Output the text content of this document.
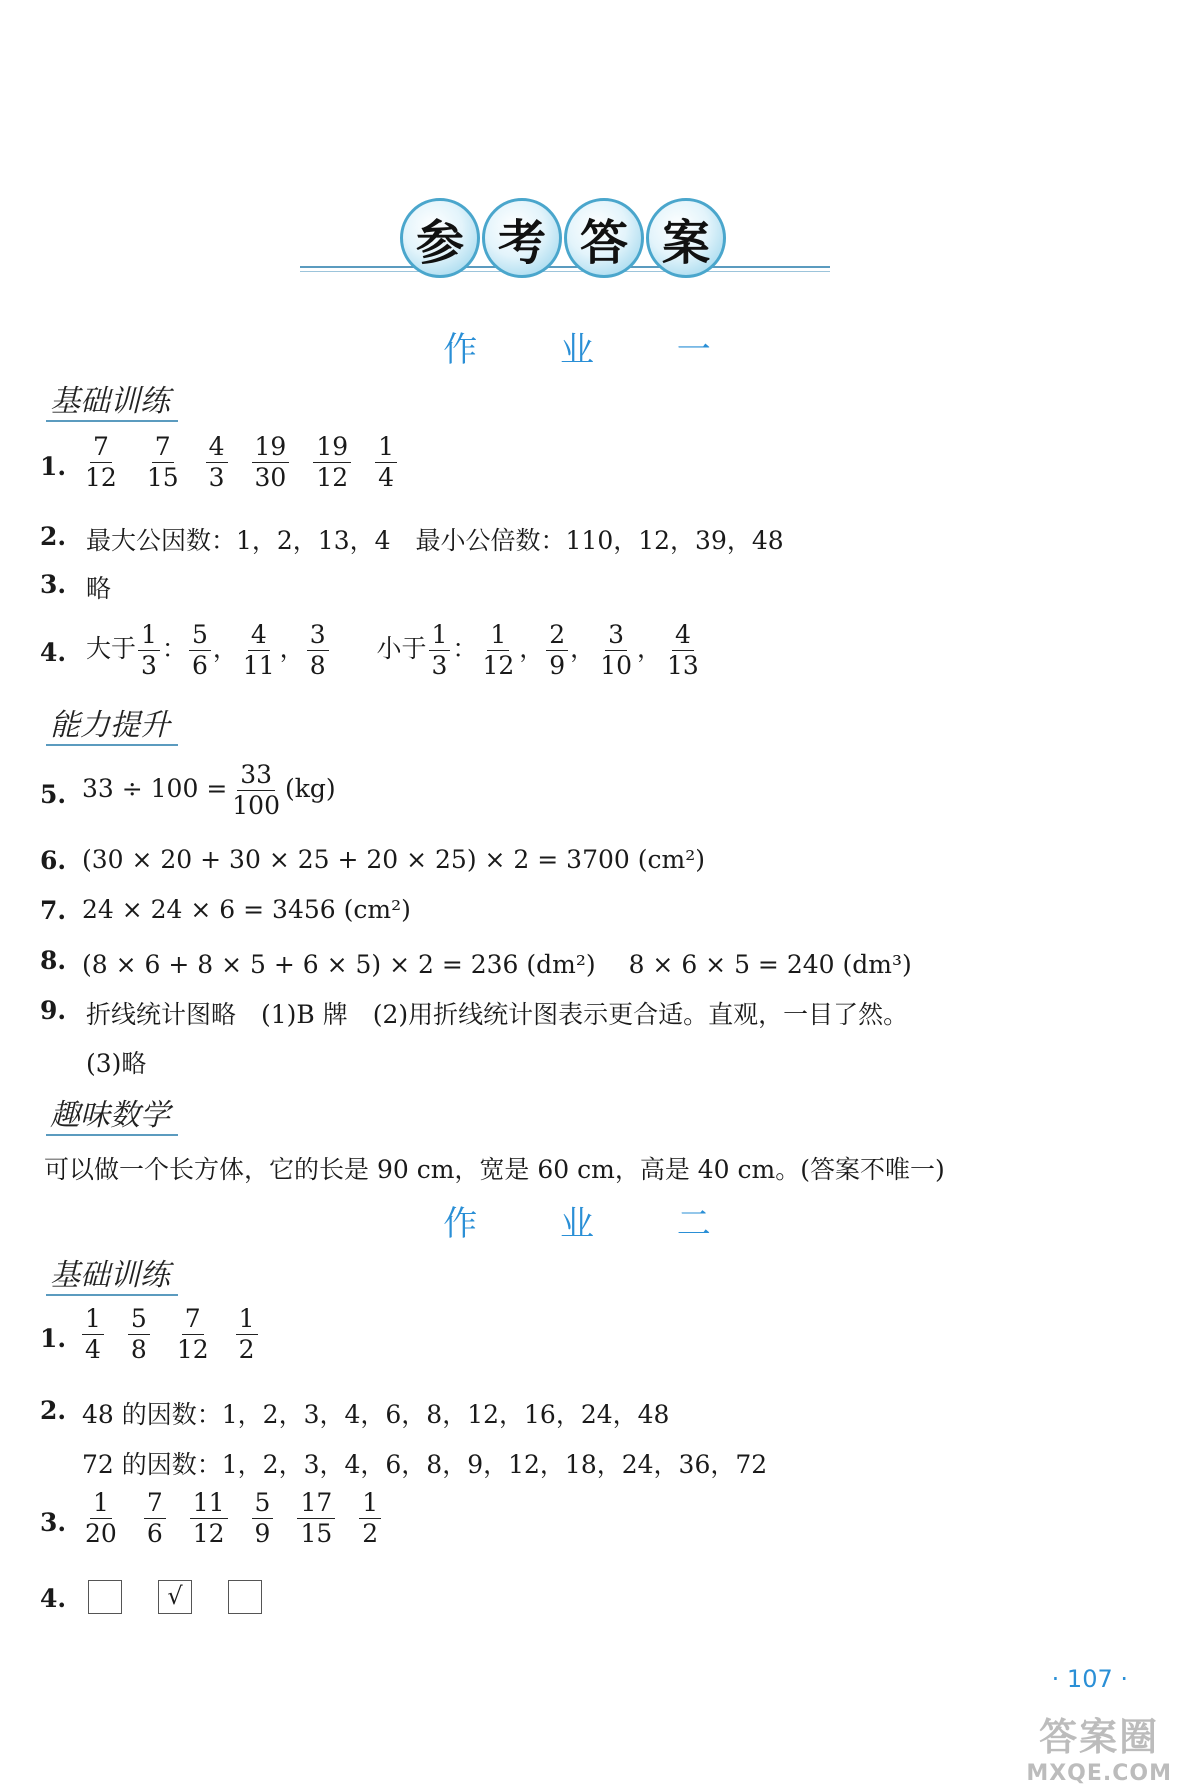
参 考 答 案
作 业 一
基础训练
1. $\frac{7}{12} \frac{7}{15} \frac{4}{3} \frac{19}{30} \frac{19}{12} \frac{1}{4}$
2. 最大公因数：1，2，13，4　最小公倍数：110，12，39，48
3. 略
4. 大于 $\frac{1}{3}$ ： $\frac{5}{6}$ ， $\frac{4}{11}$ ， $\frac{3}{8}$ 小于 $\frac{1}{3}$ ： $\frac{1}{12}$ ， $\frac{2}{9}$ ， $\frac{3}{10}$ ， $\frac{4}{13}$
能力提升
5. $33 \div 100 = \frac{33}{100} (kg)$
6. (30 × 20 + 30 × 25 + 20 × 25) × 2 = 3700 (cm²)
7. 24 × 24 × 6 = 3456 (cm²)
8. (8 × 6 + 8 × 5 + 6 × 5) × 2 = 236 (dm²)　 8 × 6 × 5 = 240 (dm³)
9. 折线统计图略　(1)B 牌　(2)用折线统计图表示更合适。直观，一目了然。
(3)略
趣味数学
可以做一个长方体，它的长是 90 cm，宽是 60 cm，高是 40 cm。(答案不唯一)
作 业 二
基础训练
1. $\frac{1}{4} \frac{5}{8} \frac{7}{12} \frac{1}{2}$
2. 48 的因数：1，2，3，4，6，8，12，16，24，48
72 的因数：1，2，3，4，6，8，9，12，18，24，36，72
3. $\frac{1}{20} \frac{7}{6} \frac{11}{12} \frac{5}{9} \frac{17}{15} \frac{1}{2}$
4.	√
· 107 ·
答案圈
MXQE.COM
